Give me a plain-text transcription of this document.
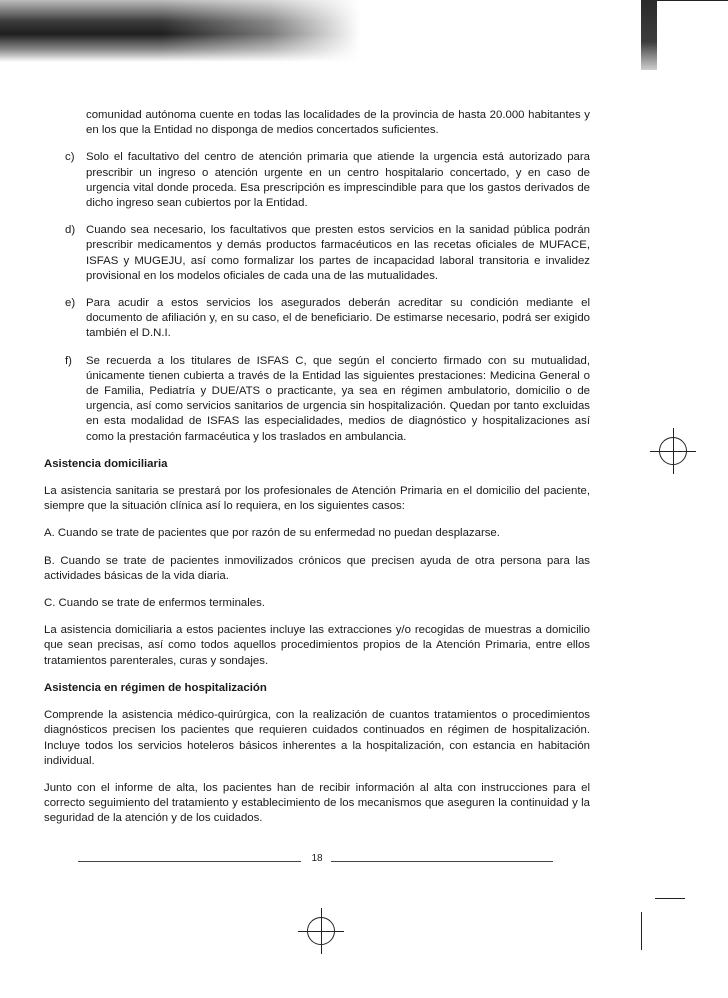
comunidad autónoma cuente en todas las localidades de la provincia de hasta 20.000 habitantes y en los que la Entidad no disponga de medios concertados suficientes.

c) Solo el facultativo del centro de atención primaria que atiende la urgencia está autorizado para prescribir un ingreso o atención urgente en un centro hospitalario concertado, y en caso de urgencia vital donde proceda. Esa prescripción es imprescindible para que los gastos derivados de dicho ingreso sean cubiertos por la Entidad.
d) Cuando sea necesario, los facultativos que presten estos servicios en la sanidad pública podrán prescribir medicamentos y demás productos farmacéuticos en las recetas oficiales de MUFACE, ISFAS y MUGEJU, así como formalizar los partes de incapacidad laboral transitoria e invalidez provisional en los modelos oficiales de cada una de las mutualidades.
e) Para acudir a estos servicios los asegurados deberán acreditar su condición mediante el documento de afiliación y, en su caso, el de beneficiario. De estimarse necesario, podrá ser exigido también el D.N.I.
f) Se recuerda a los titulares de ISFAS C, que según el concierto firmado con su mutualidad, únicamente tienen cubierta a través de la Entidad las siguientes prestaciones: Medicina General o de Familia, Pediatría y DUE/ATS o practicante, ya sea en régimen ambulatorio, domicilio o de urgencia, así como servicios sanitarios de urgencia sin hospitalización. Quedan por tanto excluidas en esta modalidad de ISFAS las especialidades, medios de diagnóstico y hospitalizaciones así como la prestación farmacéutica y los traslados en ambulancia.
Asistencia domiciliaria

La asistencia sanitaria se prestará por los profesionales de Atención Primaria en el domicilio del paciente, siempre que la situación clínica así lo requiera, en los siguientes casos:

A. Cuando se trate de pacientes que por razón de su enfermedad no puedan desplazarse.

B. Cuando se trate de pacientes inmovilizados crónicos que precisen ayuda de otra persona para las actividades básicas de la vida diaria.

C. Cuando se trate de enfermos terminales.

La asistencia domiciliaria a estos pacientes incluye las extracciones y/o recogidas de muestras a domicilio que sean precisas, así como todos aquellos procedimientos propios de la Atención Primaria, entre ellos tratamientos parenterales, curas y sondajes.

Asistencia en régimen de hospitalización

Comprende la asistencia médico-quirúrgica, con la realización de cuantos tratamientos o procedimientos diagnósticos precisen los pacientes que requieren cuidados continuados en régimen de hospitalización. Incluye todos los servicios hoteleros básicos inherentes a la hospitalización, con estancia en habitación individual.

Junto con el informe de alta, los pacientes han de recibir información al alta con instrucciones para el correcto seguimiento del tratamiento y establecimiento de los mecanismos que aseguren la continuidad y la seguridad de la atención y de los cuidados.

18
